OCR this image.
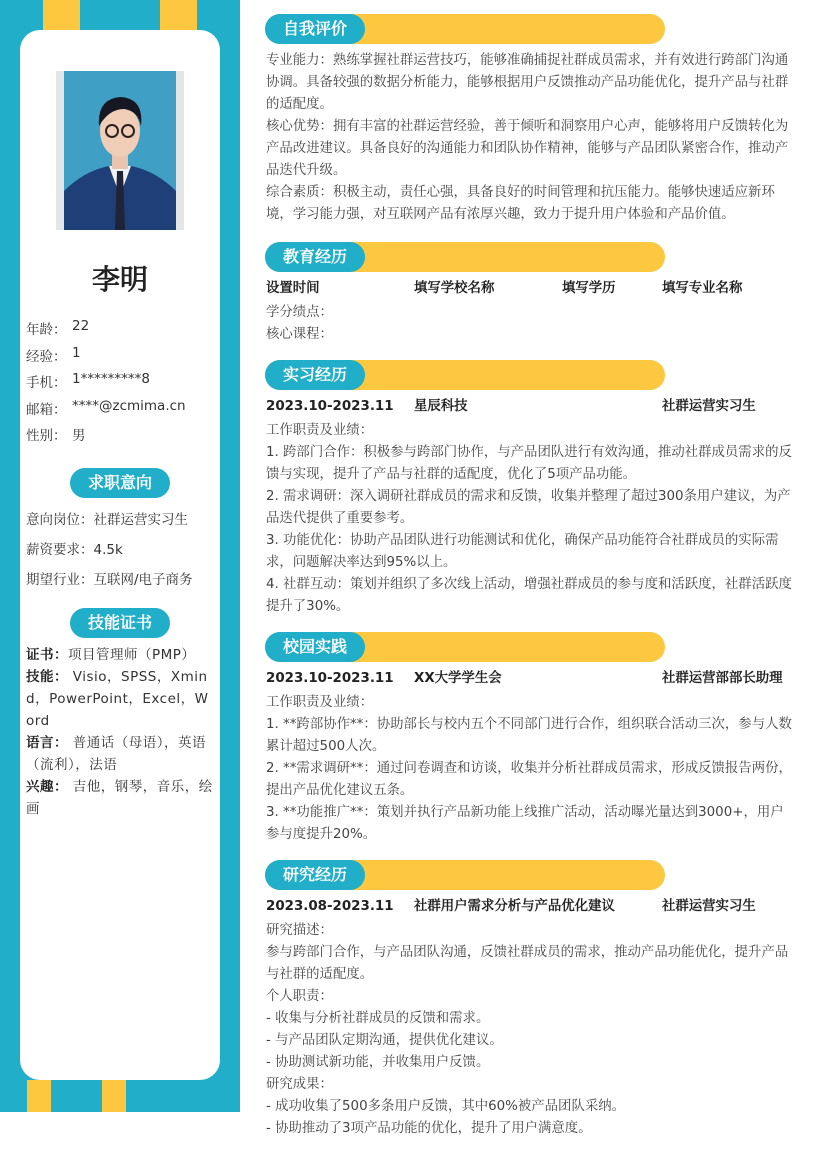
李明
年龄： 22
经验： 1
手机： 1*********8
邮箱： ****@zcmima.cn
性别： 男
求职意向
意向岗位：社群运营实习生
薪资要求：4.5k
期望行业：互联网/电子商务
技能证书
证书：项目管理师（PMP）
技能： Visio，SPSS，Xmind，PowerPoint，Excel，Word
语言： 普通话（母语），英语（流利），法语
兴趣： 吉他，钢琴，音乐，绘画
自我评价

专业能力：熟练掌握社群运营技巧，能够准确捕捉社群成员需求，并有效进行跨部门沟通协调。具备较强的数据分析能力，能够根据用户反馈推动产品功能优化，提升产品与社群的适配度。

核心优势：拥有丰富的社群运营经验，善于倾听和洞察用户心声，能够将用户反馈转化为产品改进建议。具备良好的沟通能力和团队协作精神，能够与产品团队紧密合作，推动产品迭代升级。

综合素质：积极主动，责任心强，具备良好的时间管理和抗压能力。能够快速适应新环境，学习能力强，对互联网产品有浓厚兴趣，致力于提升用户体验和产品价值。

教育经历
设置时间	填写学校名称	填写学历	填写专业名称

学分绩点：

核心课程：

实习经历
2023.10-2023.11	星辰科技	社群运营实习生

工作职责及业绩：

1. 跨部门合作：积极参与跨部门协作，与产品团队进行有效沟通，推动社群成员需求的反馈与实现，提升了产品与社群的适配度，优化了5项产品功能。

2. 需求调研：深入调研社群成员的需求和反馈，收集并整理了超过300条用户建议，为产品迭代提供了重要参考。

3. 功能优化：协助产品团队进行功能测试和优化，确保产品功能符合社群成员的实际需求，问题解决率达到95%以上。

4. 社群互动：策划并组织了多次线上活动，增强社群成员的参与度和活跃度，社群活跃度提升了30%。

校园实践
2023.10-2023.11	XX大学学生会	社群运营部部长助理

工作职责及业绩：

1. **跨部协作**：协助部长与校内五个不同部门进行合作，组织联合活动三次，参与人数累计超过500人次。

2. **需求调研**：通过问卷调查和访谈，收集并分析社群成员需求，形成反馈报告两份，提出产品优化建议五条。

3. **功能推广**：策划并执行产品新功能上线推广活动，活动曝光量达到3000+，用户参与度提升20%。

研究经历
2023.08-2023.11	社群用户需求分析与产品优化建议	社群运营实习生

研究描述：

参与跨部门合作，与产品团队沟通，反馈社群成员的需求，推动产品功能优化，提升产品与社群的适配度。

个人职责：

- 收集与分析社群成员的反馈和需求。

- 与产品团队定期沟通，提供优化建议。

- 协助测试新功能，并收集用户反馈。

研究成果：

- 成功收集了500多条用户反馈，其中60%被产品团队采纳。

- 协助推动了3项产品功能的优化，提升了用户满意度。
